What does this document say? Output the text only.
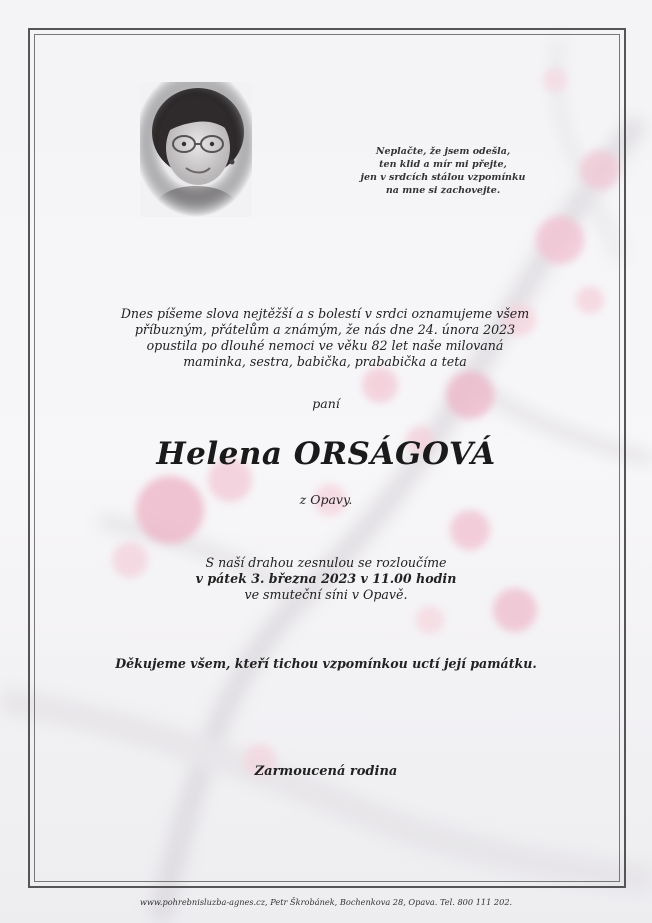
Neplačte, že jsem odešla,
ten klid a mír mi přejte,
jen v srdcích stálou vzpomínku
na mne si zachovejte.
Dnes píšeme slova nejtěžší a s bolestí v srdci oznamujeme všem
příbuzným, přátelům a známým, že nás dne 24. února 2023
opustila po dlouhé nemoci ve věku 82 let naše milovaná
maminka, sestra, babička, prababička a teta
paní
Helena ORSÁGOVÁ
z Opavy.
S naší drahou zesnulou se rozloučíme
v pátek 3. března 2023 v 11.00 hodin
ve smuteční síni v Opavě.
Děkujeme všem, kteří tichou vzpomínkou uctí její památku.
Zarmoucená rodina
www.pohrebnisluzba-agnes.cz, Petr Škrobánek, Bochenkova 28, Opava. Tel. 800 111 202.
